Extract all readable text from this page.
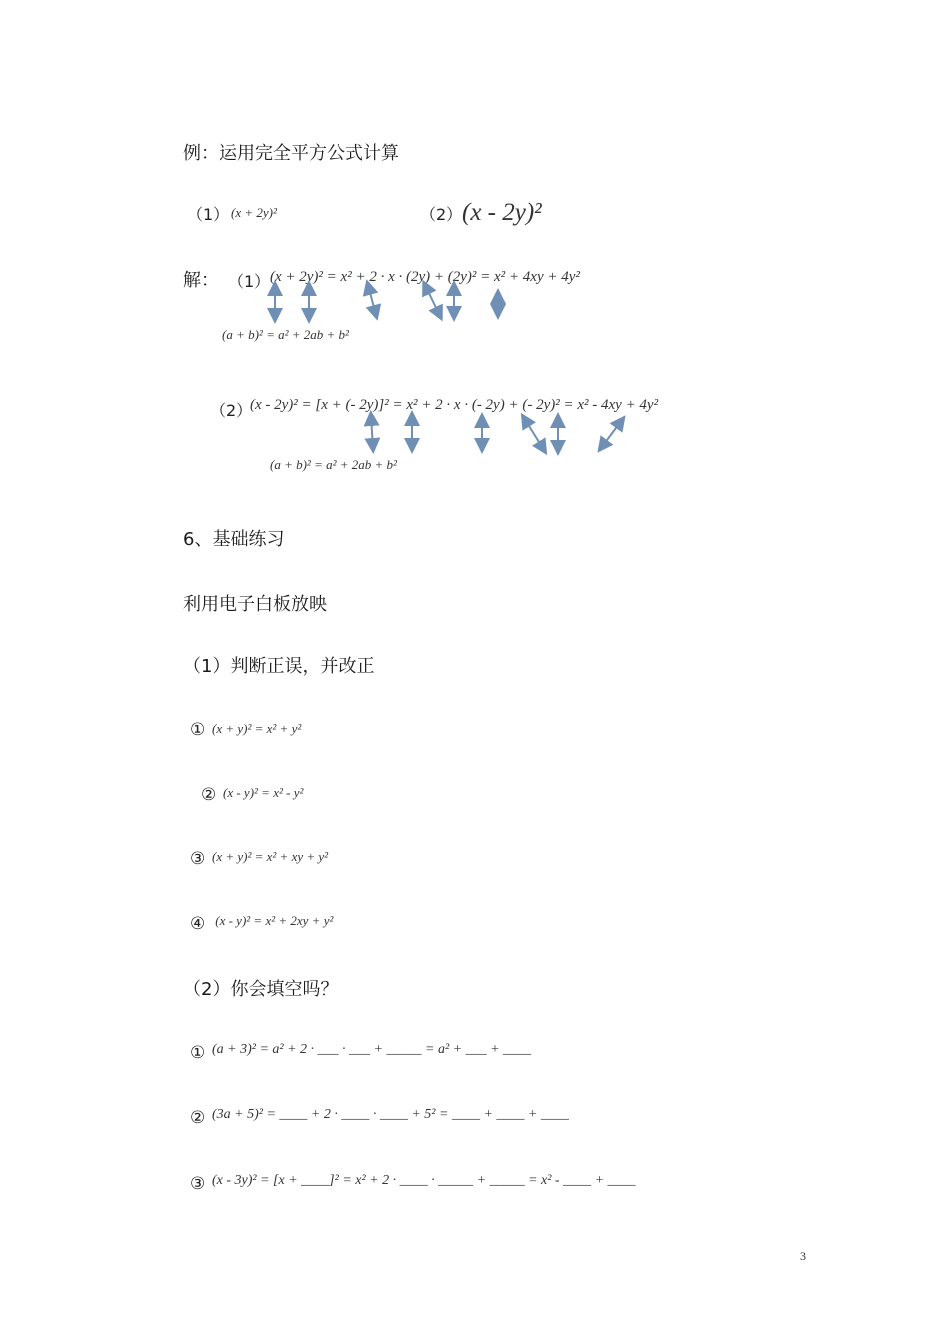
例：运用完全平方公式计算
（1） (x + 2y)²	（2） (x - 2y)²
解： （1） (x + 2y)² = x² + 2 · x · (2y) + (2y)² = x² + 4xy + 4y²
(a + b)² = a² + 2ab + b²
（2）
(x - 2y)² = [x + (- 2y)]² = x² + 2 · x · (- 2y) + (- 2y)² = x² - 4xy + 4y²
(a + b)² = a² + 2ab + b²
6、基础练习
利用电子白板放映
（1）判断正误，并改正
① (x + y)² = x² + y²
② (x - y)² = x² - y²
③ (x + y)² = x² + xy + y²
④ (x - y)² = x² + 2xy + y²
（2）你会填空吗？
① (a + 3)² = a² + 2 · ___ · ___ + _____ = a² + ___ + ____
② (3a + 5)² = ____ + 2 · ____ · ____ + 5² = ____ + ____ + ____
③ (x - 3y)² = [x + ____]² = x² + 2 · ____ · _____ + _____ = x² - ____ + ____
3
